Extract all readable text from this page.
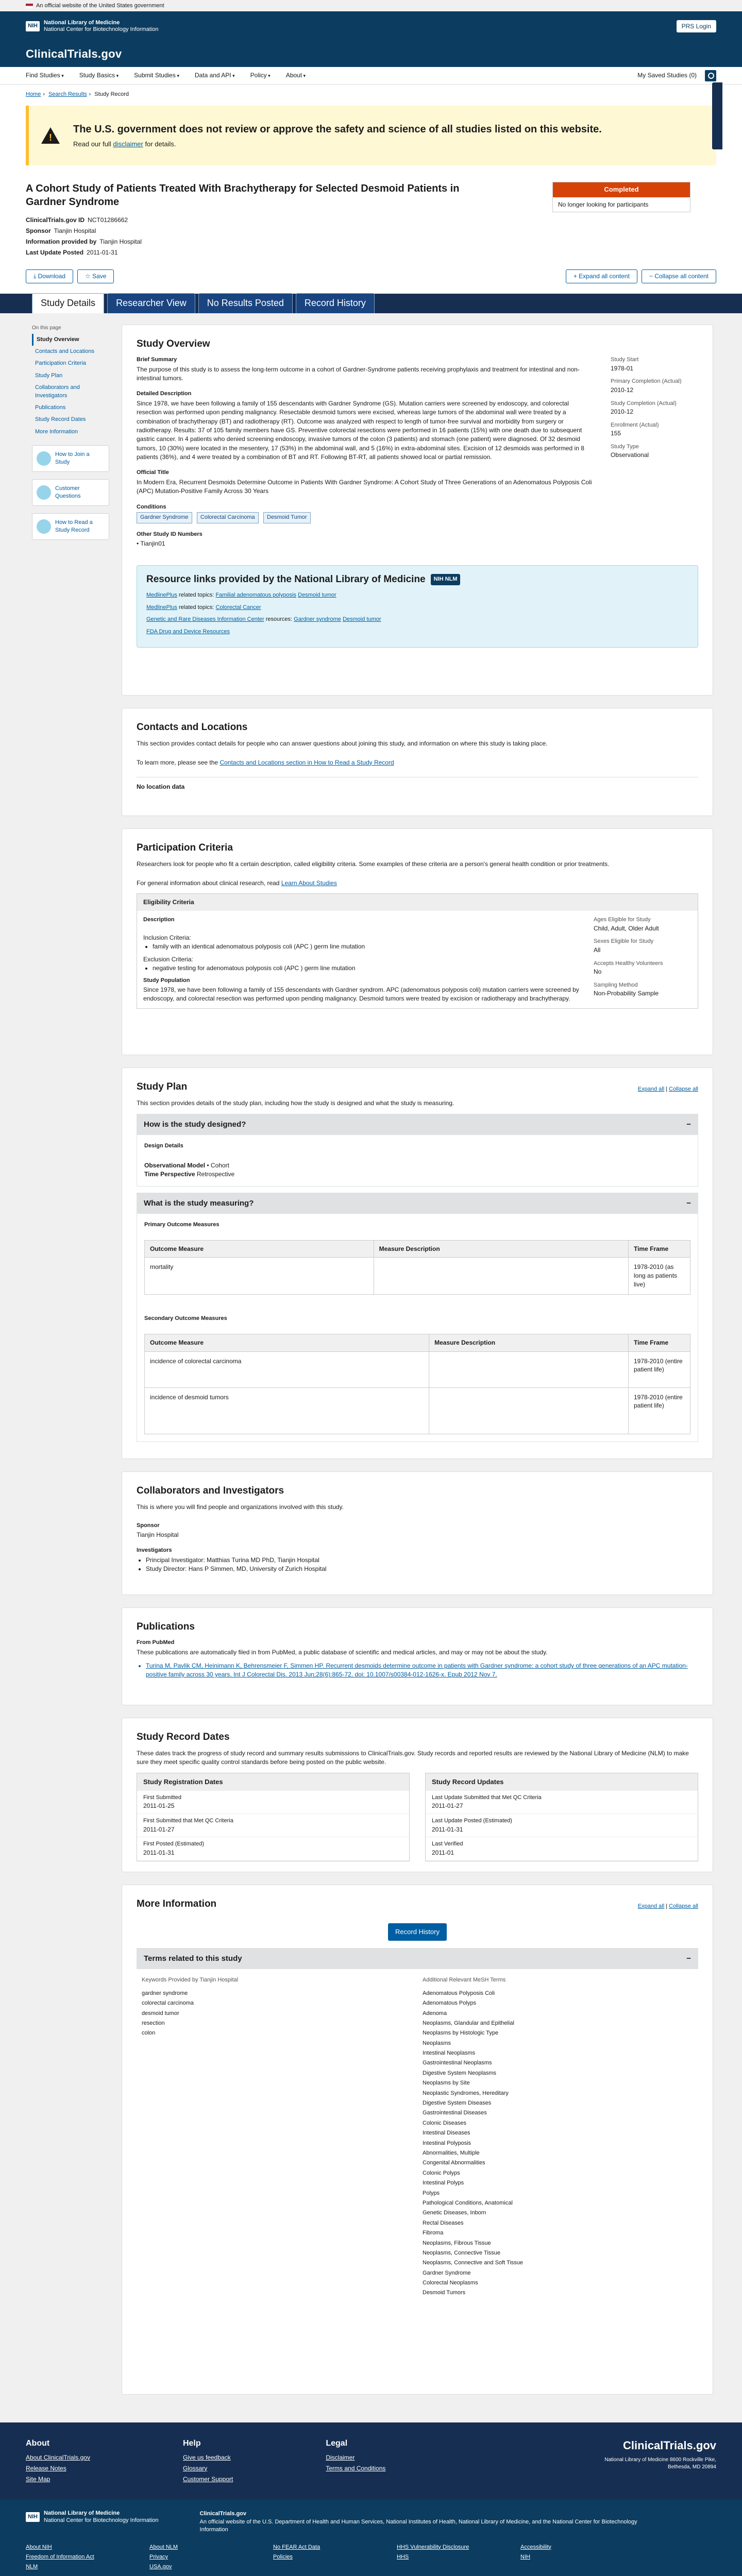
An official website of the United States government
NIH
National Library of Medicine
National Center for Biotechnology Information	PRS Login
ClinicalTrials.gov
Find Studies ▾	Study Basics ▾	Submit Studies ▾	Data and API ▾	Policy ▾	About ▾	My Saved Studies (0)
Home › Search Results › Study Record
!
The U.S. government does not review or approve the safety and science of all studies listed on this website.

Read our full disclaimer for details.

A Cohort Study of Patients Treated With Brachytherapy for Selected Desmoid Patients in Gardner Syndrome
ClinicalTrials.gov ID NCT01286662
Sponsor Tianjin Hospital
Information provided by Tianjin Hospital
Last Update Posted 2011-01-31
Completed
No longer looking for participants
⤓ Download	☆ Save	+ Expand all content	− Collapse all content
Study Details	Researcher View	No Results Posted	Record History
On this page
Study Overview
Contacts and Locations
Participation Criteria
Study Plan
Collaborators and Investigators
Publications
Study Record Dates
More Information
How to Join a Study
Customer Questions
How to Read a Study Record
Study Overview
Brief Summary
The purpose of this study is to assess the long-term outcome in a cohort of Gardner-Syndrome patients receiving prophylaxis and treatment for intestinal and non-intestinal tumors.
Detailed Description
Since 1978, we have been following a family of 155 descendants with Gardner Syndrome (GS). Mutation carriers were screened by endoscopy, and colorectal resection was performed upon pending malignancy. Resectable desmoid tumors were excised, whereas large tumors of the abdominal wall were treated by a combination of brachytherapy (BT) and radiotherapy (RT). Outcome was analyzed with respect to length of tumor-free survival and morbidity from surgery or radiotherapy. Results: 37 of 105 family members have GS. Preventive colorectal resections were performed in 16 patients (15%) with one death due to subsequent gastric cancer. In 4 patients who denied screening endoscopy, invasive tumors of the colon (3 patients) and stomach (one patient) were diagnosed. Of 32 desmoid tumors, 10 (30%) were located in the mesentery, 17 (53%) in the abdominal wall, and 5 (16%) in extra-abdominal sites. Excision of 12 desmoids was performed in 8 patients (36%), and 4 were treated by a combination of BT and RT. Following BT-RT, all patients showed local or partial remission.
Official Title
In Modern Era, Recurrent Desmoids Determine Outcome in Patients With Gardner Syndrome: A Cohort Study of Three Generations of an Adenomatous Polyposis Coli (APC) Mutation-Positive Family Across 30 Years
Conditions
Gardner Syndrome Colorectal Carcinoma Desmoid Tumor
Other Study ID Numbers
• Tianjin01
Study Start
1978-01
Primary Completion (Actual)
2010-12
Study Completion (Actual)
2010-12
Enrollment (Actual)
155
Study Type
Observational
Resource links provided by the National Library of Medicine	NIH NLM

MedlinePlus related topics: Familial adenomatous polyposis Desmoid tumor

MedlinePlus related topics: Colorectal Cancer

Genetic and Rare Diseases Information Center resources: Gardner syndrome Desmoid tumor

FDA Drug and Device Resources

Contacts and Locations

This section provides contact details for people who can answer questions about joining this study, and information on where this study is taking place.

To learn more, please see the Contacts and Locations section in How to Read a Study Record

No location data

Participation Criteria

Researchers look for people who fit a certain description, called eligibility criteria. Some examples of these criteria are a person's general health condition or prior treatments.

For general information about clinical research, read Learn About Studies

Eligibility Criteria
Description

Inclusion Criteria:

• family with an identical adenomatous polyposis coli (APC ) germ line mutation

Exclusion Criteria:

• negative testing for adenomatous polyposis coli (APC ) germ line mutation
Study Population

Since 1978, we have been following a family of 155 descendants with Gardner syndrom. APC (adenomatous polyposis coli) mutation carriers were screened by endoscopy, and colorectal resection was performed upon pending malignancy. Desmoid tumors were treated by excision or radiotherapy and brachytherapy.

Ages Eligible for Study
Child, Adult, Older Adult
Sexes Eligible for Study
All
Accepts Healthy Volunteers
No
Sampling Method
Non-Probability Sample
Study Plan	Expand all | Collapse all

This section provides details of the study plan, including how the study is designed and what the study is measuring.

How is the study designed?	−
Design Details

Observational Model • Cohort

Time Perspective Retrospective

What is the study measuring?	−
Primary Outcome Measures

Outcome Measure	Measure Description	Time Frame
mortality		1978-2010 (as long as patients live)

Secondary Outcome Measures

Outcome Measure	Measure Description	Time Frame
incidence of colorectal carcinoma		1978-2010 (entire patient life)
incidence of desmoid tumors		1978-2010 (entire patient life)
Collaborators and Investigators

This is where you will find people and organizations involved with this study.

Sponsor
Tianjin Hospital
Investigators
• Principal Investigator: Matthias Turina MD PhD, Tianjin Hospital
• Study Director: Hans P Simmen, MD, University of Zurich Hospital
Publications
From PubMed

These publications are automatically filed in from PubMed, a public database of scientific and medical articles, and may or may not be about the study.

• Turina M, Pavlik CM, Heinimann K, Behrensmeier F, Simmen HP. Recurrent desmoids determine outcome in patients with Gardner syndrome: a cohort study of three generations of an APC mutation-positive family across 30 years. Int J Colorectal Dis. 2013 Jun;28(6):865-72. doi: 10.1007/s00384-012-1626-x. Epub 2012 Nov 7.
Study Record Dates

These dates track the progress of study record and summary results submissions to ClinicalTrials.gov. Study records and reported results are reviewed by the National Library of Medicine (NLM) to make sure they meet specific quality control standards before being posted on the public website.

Study Registration Dates
First Submitted
2011-01-25
First Submitted that Met QC Criteria
2011-01-27
First Posted (Estimated)
2011-01-31
Study Record Updates
Last Update Submitted that Met QC Criteria
2011-01-27
Last Update Posted (Estimated)
2011-01-31
Last Verified
2011-01
More Information	Expand all | Collapse all
Record History
Terms related to this study	−
Keywords Provided by Tianjin Hospital
gardner syndrome
colorectal carcinoma
desmoid tumor
resection
colon
Additional Relevant MeSH Terms
Adenomatous Polyposis Coli
Adenomatous Polyps
Adenoma
Neoplasms, Glandular and Epithelial
Neoplasms by Histologic Type
Neoplasms
Intestinal Neoplasms
Gastrointestinal Neoplasms
Digestive System Neoplasms
Neoplasms by Site
Neoplastic Syndromes, Hereditary
Digestive System Diseases
Gastrointestinal Diseases
Colonic Diseases
Intestinal Diseases
Intestinal Polyposis
Abnormalities, Multiple
Congenital Abnormalities
Colonic Polyps
Intestinal Polyps
Polyps
Pathological Conditions, Anatomical
Genetic Diseases, Inborn
Rectal Diseases
Fibroma
Neoplasms, Fibrous Tissue
Neoplasms, Connective Tissue
Neoplasms, Connective and Soft Tissue
Gardner Syndrome
Colorectal Neoplasms
Desmoid Tumors
About
About ClinicalTrials.gov
Release Notes
Site Map
Help
Give us feedback
Glossary
Customer Support
Legal
Disclaimer
Terms and Conditions
ClinicalTrials.gov
National Library of Medicine 8600 Rockville Pike, Bethesda, MD 20894
NIH
National Library of Medicine
National Center for Biotechnology Information
ClinicalTrials.gov
An official website of the U.S. Department of Health and Human Services, National Institutes of Health, National Library of Medicine, and the National Center for Biotechnology Information
About NIH	About NLM	No FEAR Act Data	HHS Vulnerability Disclosure	Accessibility
Freedom of Information Act	Privacy	Policies	HHS	NIH
NLM	USA.gov
